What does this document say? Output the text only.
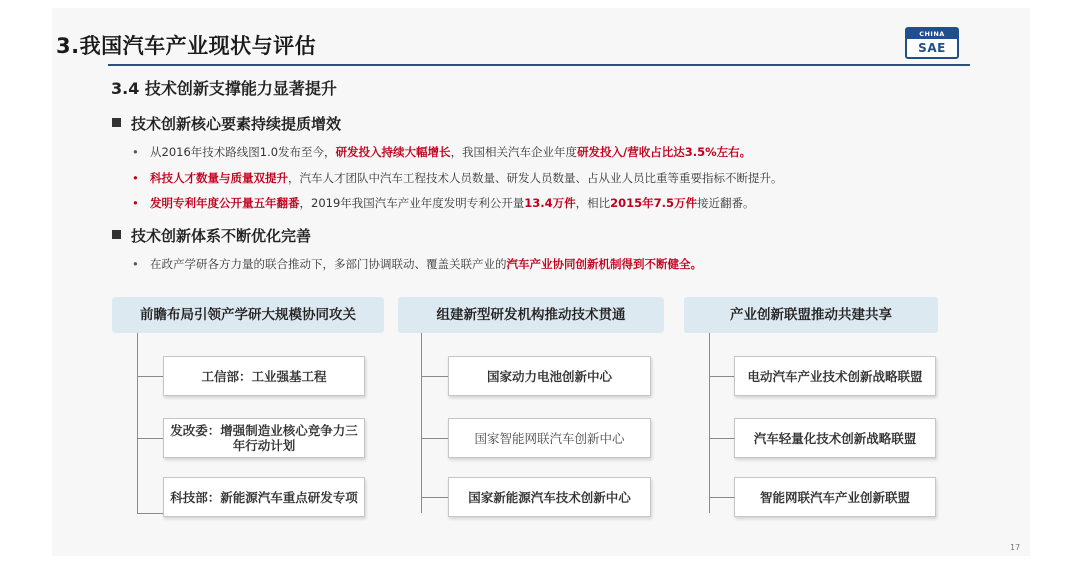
3.我国汽车产业现状与评估	CHINA
SAE
3.4 技术创新支撑能力显著提升
技术创新核心要素持续提质增效
• 从2016年技术路线图1.0发布至今，研发投入持续大幅增长，我国相关汽车企业年度研发投入/营收占比达3.5%左右。
• 科技人才数量与质量双提升，汽车人才团队中汽车工程技术人员数量、研发人员数量、占从业人员比重等重要指标不断提升。
• 发明专利年度公开量五年翻番，2019年我国汽车产业年度发明专利公开量13.4万件，相比2015年7.5万件接近翻番。
技术创新体系不断优化完善
• 在政产学研各方力量的联合推动下，多部门协调联动、覆盖关联产业的汽车产业协同创新机制得到不断健全。
前瞻布局引领产学研大规模协同攻关
工信部：工业强基工程
发改委：增强制造业核心竞争力三年行动计划
科技部：新能源汽车重点研发专项
组建新型研发机构推动技术贯通
国家动力电池创新中心
国家智能网联汽车创新中心
国家新能源汽车技术创新中心
产业创新联盟推动共建共享
电动汽车产业技术创新战略联盟
汽车轻量化技术创新战略联盟
智能网联汽车产业创新联盟
17
